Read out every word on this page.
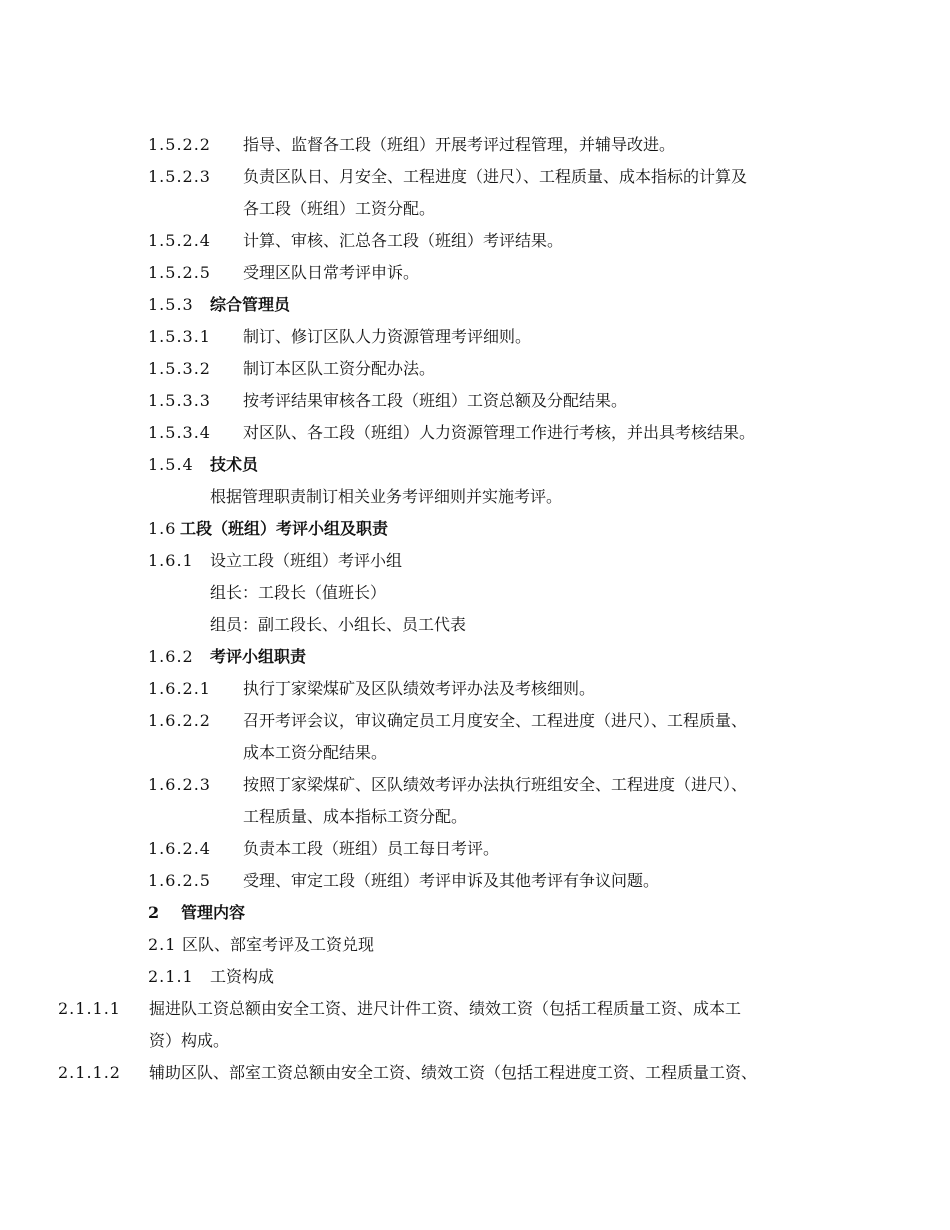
1.5.2.2 指导、监督各工段（班组）开展考评过程管理，并辅导改进。
1.5.2.3 负责区队日、月安全、工程进度（进尺）、工程质量、成本指标的计算及
各工段（班组）工资分配。
1.5.2.4 计算、审核、汇总各工段（班组）考评结果。
1.5.2.5 受理区队日常考评申诉。
1.5.3 综合管理员
1.5.3.1 制订、修订区队人力资源管理考评细则。
1.5.3.2 制订本区队工资分配办法。
1.5.3.3 按考评结果审核各工段（班组）工资总额及分配结果。
1.5.3.4 对区队、各工段（班组）人力资源管理工作进行考核，并出具考核结果。
1.5.4 技术员
根据管理职责制订相关业务考评细则并实施考评。
1.6 工段（班组）考评小组及职责
1.6.1 设立工段（班组）考评小组
组长：工段长（值班长）
组员：副工段长、小组长、员工代表
1.6.2 考评小组职责
1.6.2.1 执行丁家梁煤矿及区队绩效考评办法及考核细则。
1.6.2.2 召开考评会议，审议确定员工月度安全、工程进度（进尺）、工程质量、
成本工资分配结果。
1.6.2.3 按照丁家梁煤矿、区队绩效考评办法执行班组安全、工程进度（进尺）、
工程质量、成本指标工资分配。
1.6.2.4 负责本工段（班组）员工每日考评。
1.6.2.5 受理、审定工段（班组）考评申诉及其他考评有争议问题。
2 管理内容
2.1 区队、部室考评及工资兑现
2.1.1 工资构成
2.1.1.1 掘进队工资总额由安全工资、进尺计件工资、绩效工资（包括工程质量工资、成本工
资）构成。
2.1.1.2 辅助区队、部室工资总额由安全工资、绩效工资（包括工程进度工资、工程质量工资、
